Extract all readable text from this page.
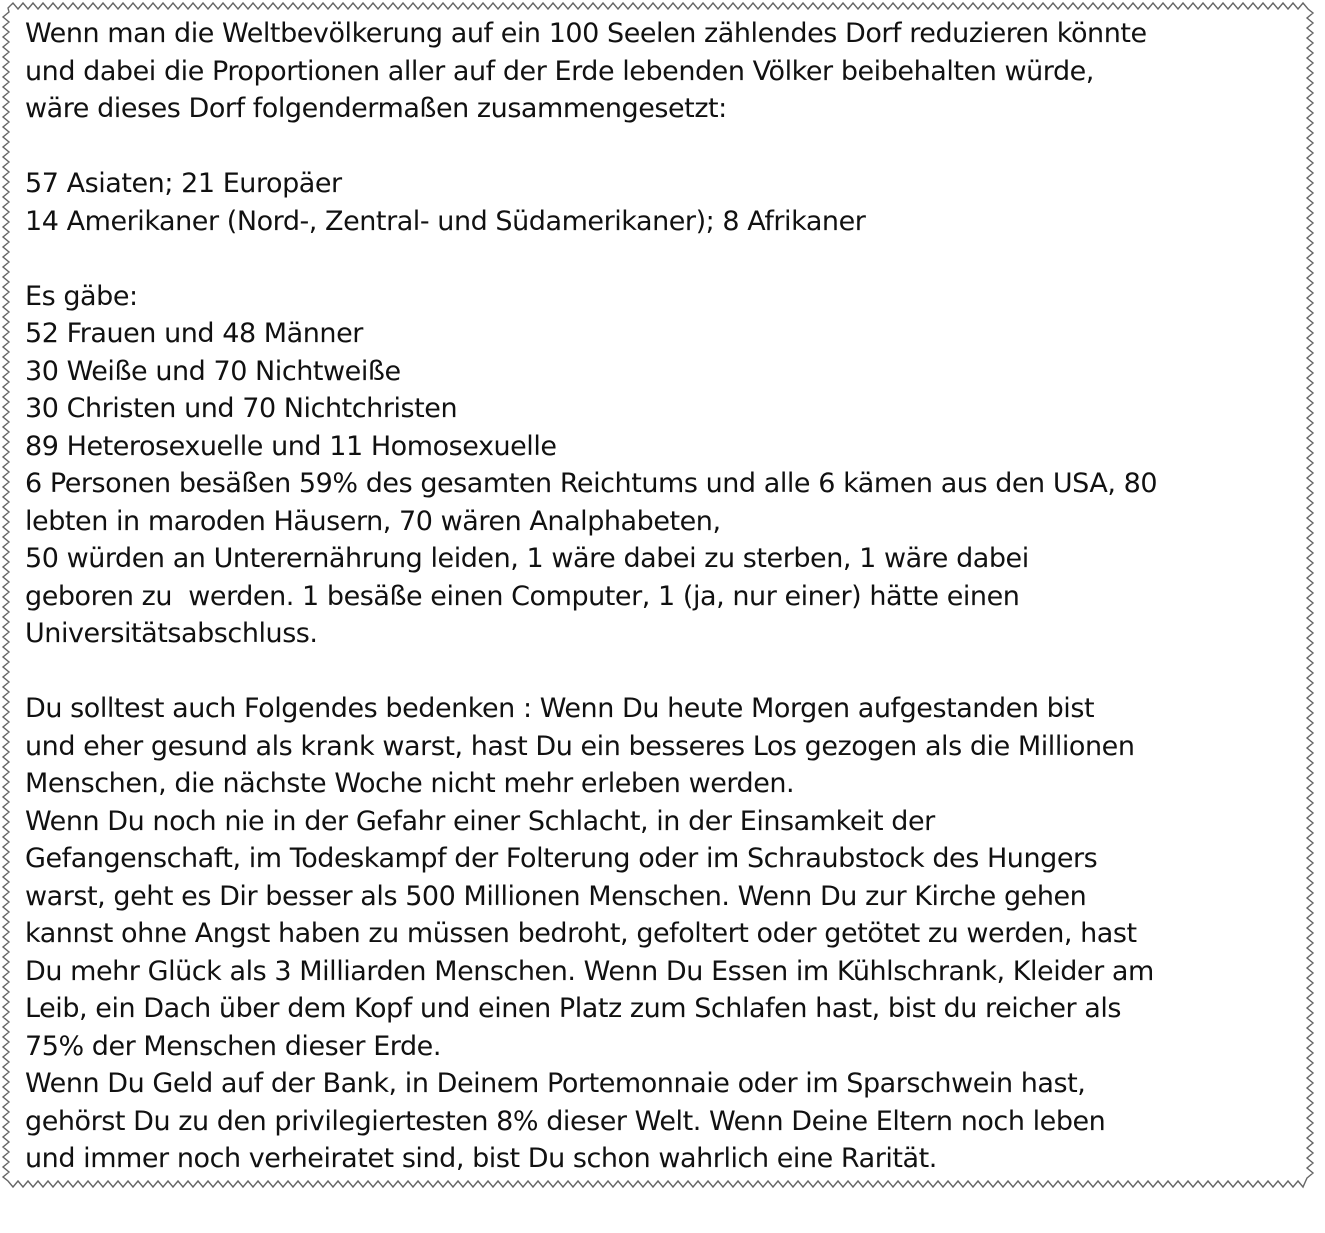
Wenn man die Weltbevölkerung auf ein 100 Seelen zählendes Dorf reduzieren könnte
und dabei die Proportionen aller auf der Erde lebenden Völker beibehalten würde,
wäre dieses Dorf folgendermaßen zusammengesetzt:
57 Asiaten; 21 Europäer
14 Amerikaner (Nord-, Zentral- und Südamerikaner); 8 Afrikaner
Es gäbe:
52 Frauen und 48 Männer
30 Weiße und 70 Nichtweiße
30 Christen und 70 Nichtchristen
89 Heterosexuelle und 11 Homosexuelle
6 Personen besäßen 59% des gesamten Reichtums und alle 6 kämen aus den USA, 80
lebten in maroden Häusern, 70 wären Analphabeten,
50 würden an Unterernährung leiden, 1 wäre dabei zu sterben, 1 wäre dabei
geboren zu  werden. 1 besäße einen Computer, 1 (ja, nur einer) hätte einen
Universitätsabschluss.
Du solltest auch Folgendes bedenken : Wenn Du heute Morgen aufgestanden bist
und eher gesund als krank warst, hast Du ein besseres Los gezogen als die Millionen
Menschen, die nächste Woche nicht mehr erleben werden.
Wenn Du noch nie in der Gefahr einer Schlacht, in der Einsamkeit der
Gefangenschaft, im Todeskampf der Folterung oder im Schraubstock des Hungers
warst, geht es Dir besser als 500 Millionen Menschen. Wenn Du zur Kirche gehen
kannst ohne Angst haben zu müssen bedroht, gefoltert oder getötet zu werden, hast
Du mehr Glück als 3 Milliarden Menschen. Wenn Du Essen im Kühlschrank, Kleider am
Leib, ein Dach über dem Kopf und einen Platz zum Schlafen hast, bist du reicher als
75% der Menschen dieser Erde.
Wenn Du Geld auf der Bank, in Deinem Portemonnaie oder im Sparschwein hast,
gehörst Du zu den privilegiertesten 8% dieser Welt. Wenn Deine Eltern noch leben
und immer noch verheiratet sind, bist Du schon wahrlich eine Rarität.
